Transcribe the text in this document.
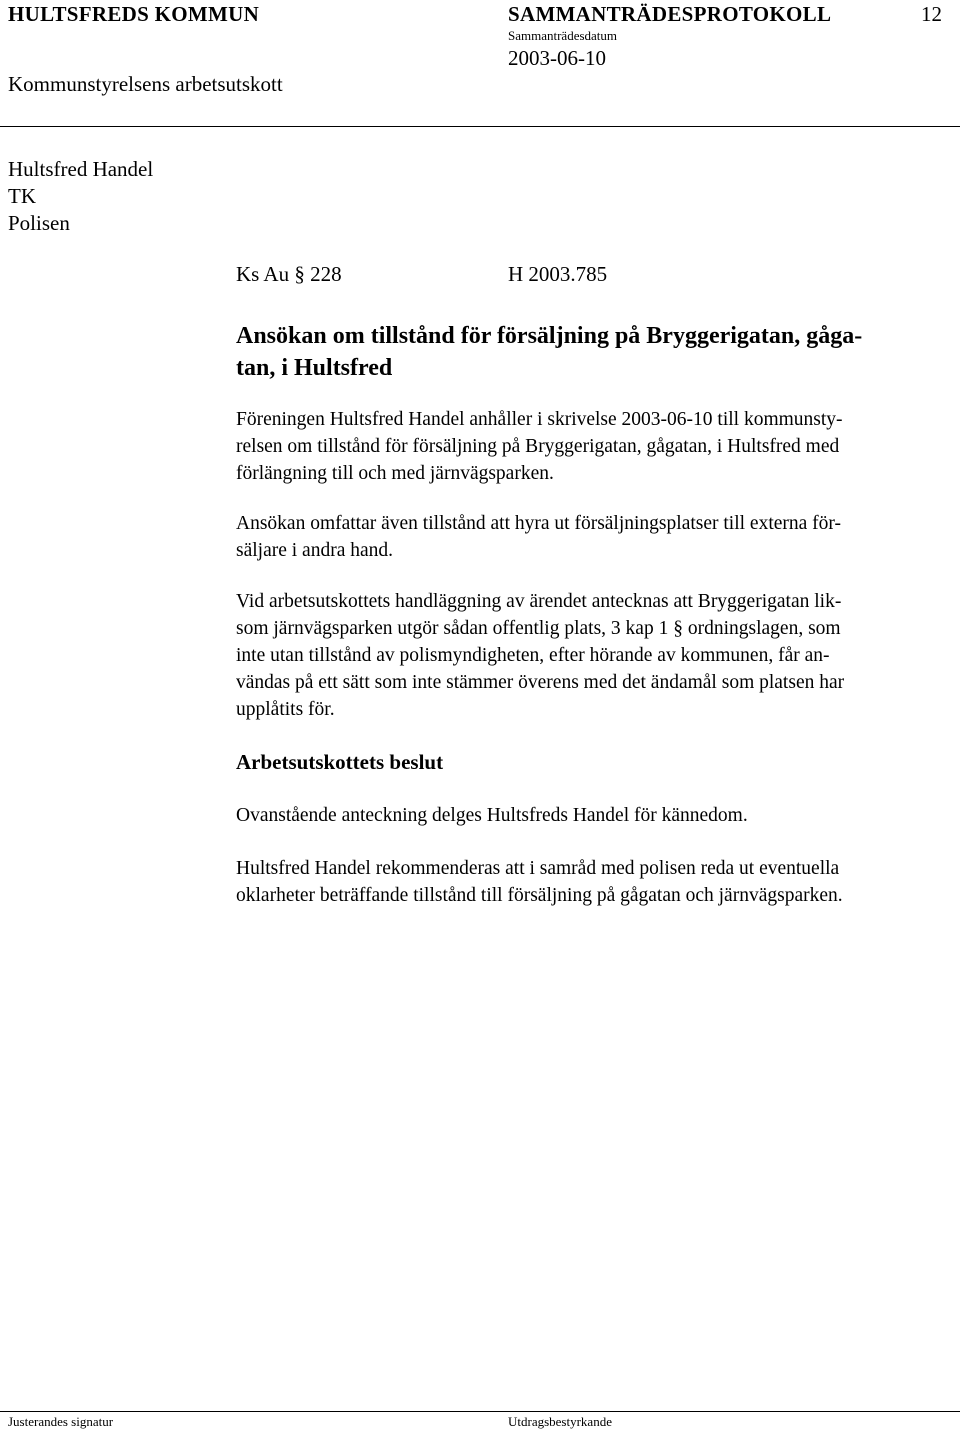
HULTSFREDS KOMMUN	SAMMANTRÄDESPROTOKOLL	12
Sammanträdesdatum
2003-06-10
Kommunstyrelsens arbetsutskott
Hultsfred Handel
TK
Polisen
Ks Au § 228	H 2003.785
Ansökan om tillstånd för försäljning på Bryggerigatan, gåga-
tan, i Hultsfred
Föreningen Hultsfred Handel anhåller i skrivelse 2003-06-10 till kommunsty-
relsen om tillstånd för försäljning på Bryggerigatan, gågatan, i Hultsfred med
förlängning till och med järnvägsparken.
Ansökan omfattar även tillstånd att hyra ut försäljningsplatser till externa för-
säljare i andra hand.
Vid arbetsutskottets handläggning av ärendet antecknas att Bryggerigatan lik-
som järnvägsparken utgör sådan offentlig plats, 3 kap 1 § ordningslagen, som
inte utan tillstånd av polismyndigheten, efter hörande av kommunen, får an-
vändas på ett sätt som inte stämmer överens med det ändamål som platsen har
upplåtits för.
Arbetsutskottets beslut
Ovanstående anteckning delges Hultsfreds Handel för kännedom.
Hultsfred Handel rekommenderas att i samråd med polisen reda ut eventuella
oklarheter beträffande tillstånd till försäljning på gågatan och järnvägsparken.
Justerandes signatur	Utdragsbestyrkande
